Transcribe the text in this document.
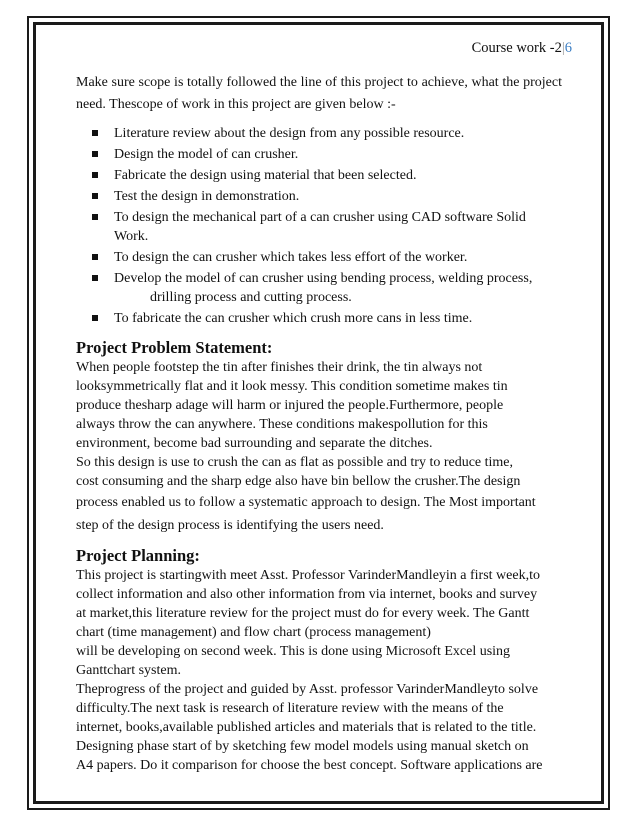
Course work -2|6

Make sure scope is totally followed the line of this project to achieve, what the project need. Thescope of work in this project are given below :-

Literature review about the design from any possible resource.
Design the model of can crusher.
Fabricate the design using material that been selected.
Test the design in demonstration.
To design the mechanical part of a can crusher using CAD software Solid Work.
To design the can crusher which takes less effort of the worker.
Develop the model of can crusher using bending process, welding process,
drilling process and cutting process.
To fabricate the can crusher which crush more cans in less time.
Project Problem Statement:
When people footstep the tin after finishes their drink, the tin always not
looksymmetrically flat and it look messy. This condition sometime makes tin
produce thesharp adage will harm or injured the people.Furthermore, people
always throw the can anywhere. These conditions makespollution for this
environment, become bad surrounding and separate the ditches.
So this design is use to crush the can as flat as possible and try to reduce time,
cost consuming and the sharp edge also have bin bellow the crusher.The design
process enabled us to follow a systematic approach to design. The Most important
step of the design process is identifying the users need.
Project Planning:
This project is startingwith meet Asst. Professor VarinderMandleyin a first week,to
collect information and also other information from via internet, books and survey
at market,this literature review for the project must do for every week. The Gantt
chart (time management) and flow chart (process management)
will be developing on second week. This is done using Microsoft Excel using
Ganttchart system.
Theprogress of the project and guided by Asst. professor VarinderMandleyto solve
difficulty.The next task is research of literature review with the means of the
internet, books,available published articles and materials that is related to the title.
Designing phase start of by sketching few model models using manual sketch on
A4 papers. Do it comparison for choose the best concept. Software applications are
